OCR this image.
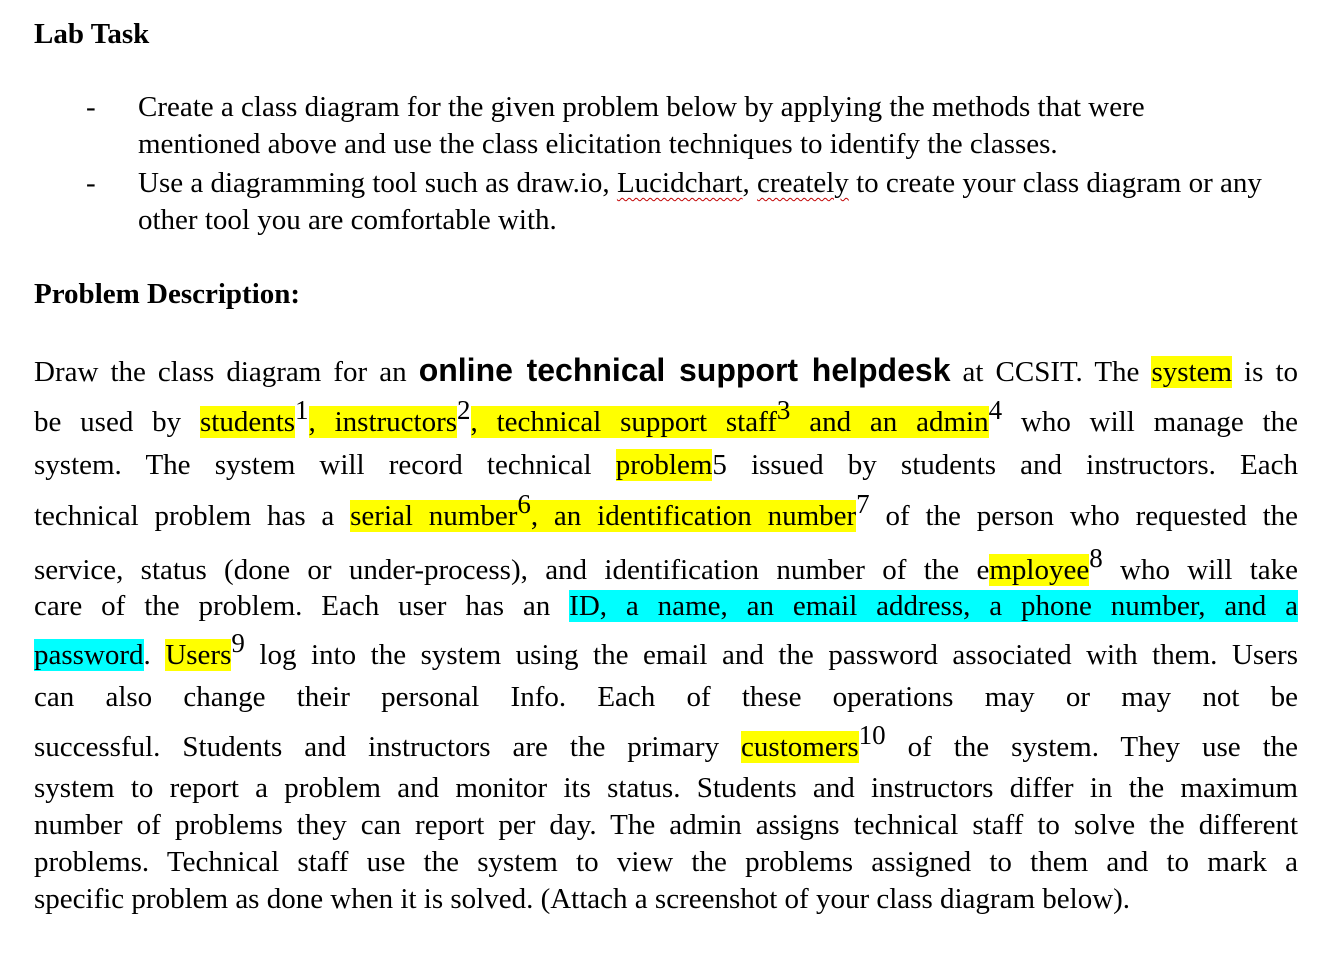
Lab Task
- Create a class diagram for the given problem below by applying the methods that were mentioned above and use the class elicitation techniques to identify the classes.
- Use a diagramming tool such as draw.io, Lucidchart, creately to create your class diagram or any other tool you are comfortable with.
Problem Description:

Draw the class diagram for an online technical support helpdesk at CCSIT. The system is to

be used by students$^1$, instructors$^2$, technical support staff$^3$ and an admin$^4$ who will manage the

system. The system will record technical problem5 issued by students and instructors. Each

technical problem has a serial number$^6$, an identification number$^7$ of the person who requested the

service, status (done or under-process), and identification number of the employee$^8$ who will take

care of the problem. Each user has an ID, a name, an email address, a phone number, and a

password. Users$^9$ log into the system using the email and the password associated with them. Users

can also change their personal Info. Each of these operations may or may not be

successful. Students and instructors are the primary customers$^{10}$ of the system. They use the

system to report a problem and monitor its status. Students and instructors differ in the maximum

number of problems they can report per day. The admin assigns technical staff to solve the different

problems. Technical staff use the system to view the problems assigned to them and to mark a

specific problem as done when it is solved. (Attach a screenshot of your class diagram below).
